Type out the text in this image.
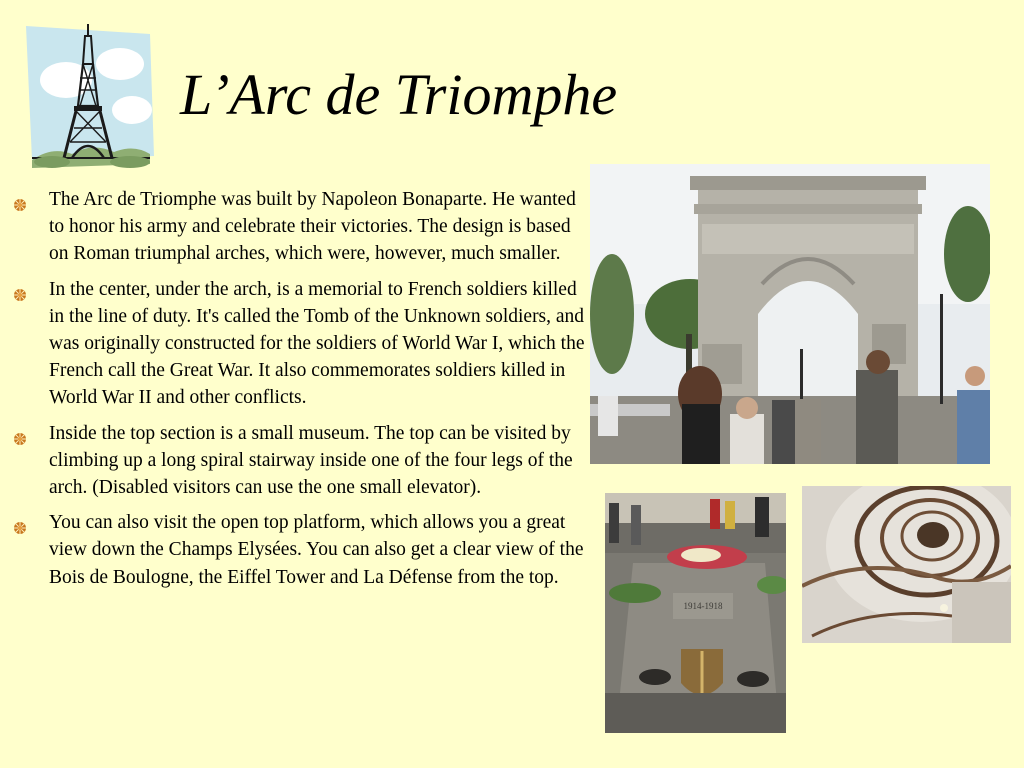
L’Arc de Triomphe
The Arc de Triomphe was built by Napoleon Bonaparte. He wanted to honor his army and celebrate their victories. The design is based on Roman triumphal arches, which were, however, much smaller.
In the center, under the arch, is a memorial to French soldiers killed in the line of duty. It's called the Tomb of the Unknown soldiers, and was originally constructed for the soldiers of World War I, which the French call the Great War. It also commemorates soldiers killed in World War II and other conflicts.
Inside the top section is a small museum. The top can be visited by climbing up a long spiral stairway inside one of the four legs of the arch. (Disabled visitors can use the one small elevator).
You can also visit the open top platform, which allows you a great view down the Champs Elysées. You can also get a clear view of the Bois de Boulogne, the Eiffel Tower and La Défense from the top.
1914-1918
